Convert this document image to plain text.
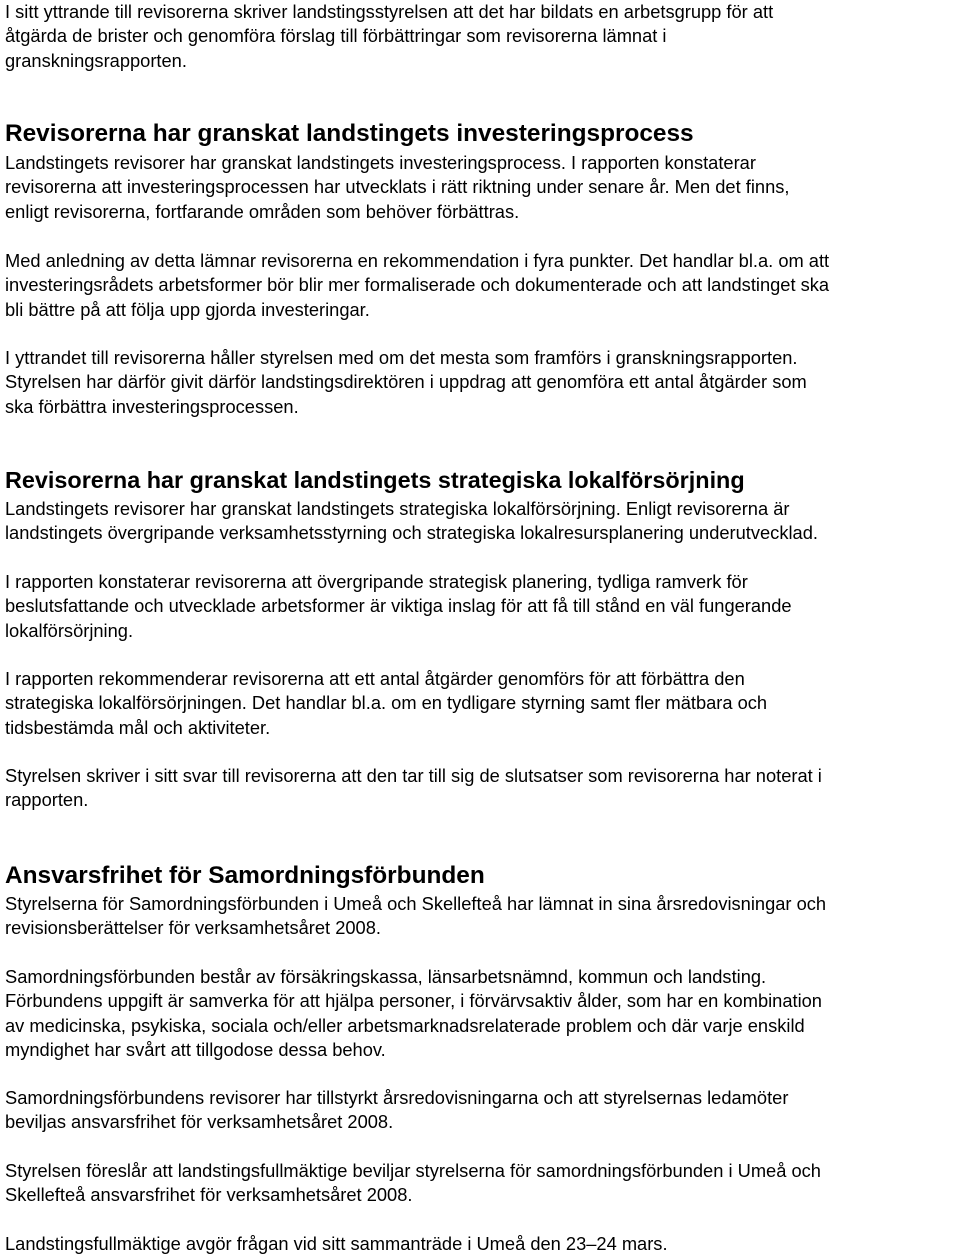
I sitt yttrande till revisorerna skriver landstingsstyrelsen att det har bildats en arbetsgrupp för att
åtgärda de brister och genomföra förslag till förbättringar som revisorerna lämnat i
granskningsrapporten.

Revisorerna har granskat landstingets investeringsprocess

Landstingets revisorer har granskat landstingets investeringsprocess. I rapporten konstaterar
revisorerna att investeringsprocessen har utvecklats i rätt riktning under senare år. Men det finns,
enligt revisorerna, fortfarande områden som behöver förbättras.

Med anledning av detta lämnar revisorerna en rekommendation i fyra punkter. Det handlar bl.a. om att
investeringsrådets arbetsformer bör blir mer formaliserade och dokumenterade och att landstinget ska
bli bättre på att följa upp gjorda investeringar.

I yttrandet till revisorerna håller styrelsen med om det mesta som framförs i granskningsrapporten.
Styrelsen har därför givit därför landstingsdirektören i uppdrag att genomföra ett antal åtgärder som
ska förbättra investeringsprocessen.

Revisorerna har granskat landstingets strategiska lokalförsörjning

Landstingets revisorer har granskat landstingets strategiska lokalförsörjning. Enligt revisorerna är
landstingets övergripande verksamhetsstyrning och strategiska lokalresursplanering underutvecklad.

I rapporten konstaterar revisorerna att övergripande strategisk planering, tydliga ramverk för
beslutsfattande och utvecklade arbetsformer är viktiga inslag för att få till stånd en väl fungerande
lokalförsörjning.

I rapporten rekommenderar revisorerna att ett antal åtgärder genomförs för att förbättra den
strategiska lokalförsörjningen. Det handlar bl.a. om en tydligare styrning samt fler mätbara och
tidsbestämda mål och aktiviteter.

Styrelsen skriver i sitt svar till revisorerna att den tar till sig de slutsatser som revisorerna har noterat i
rapporten.

Ansvarsfrihet för Samordningsförbunden

Styrelserna för Samordningsförbunden i Umeå och Skellefteå har lämnat in sina årsredovisningar och
revisionsberättelser för verksamhetsåret 2008.

Samordningsförbunden består av försäkringskassa, länsarbetsnämnd, kommun och landsting.
Förbundens uppgift är samverka för att hjälpa personer, i förvärvsaktiv ålder, som har en kombination
av medicinska, psykiska, sociala och/eller arbetsmarknadsrelaterade problem och där varje enskild
myndighet har svårt att tillgodose dessa behov.

Samordningsförbundens revisorer har tillstyrkt årsredovisningarna och att styrelsernas ledamöter
beviljas ansvarsfrihet för verksamhetsåret 2008.

Styrelsen föreslår att landstingsfullmäktige beviljar styrelserna för samordningsförbunden i Umeå och
Skellefteå ansvarsfrihet för verksamhetsåret 2008.

Landstingsfullmäktige avgör frågan vid sitt sammanträde i Umeå den 23–24 mars.
